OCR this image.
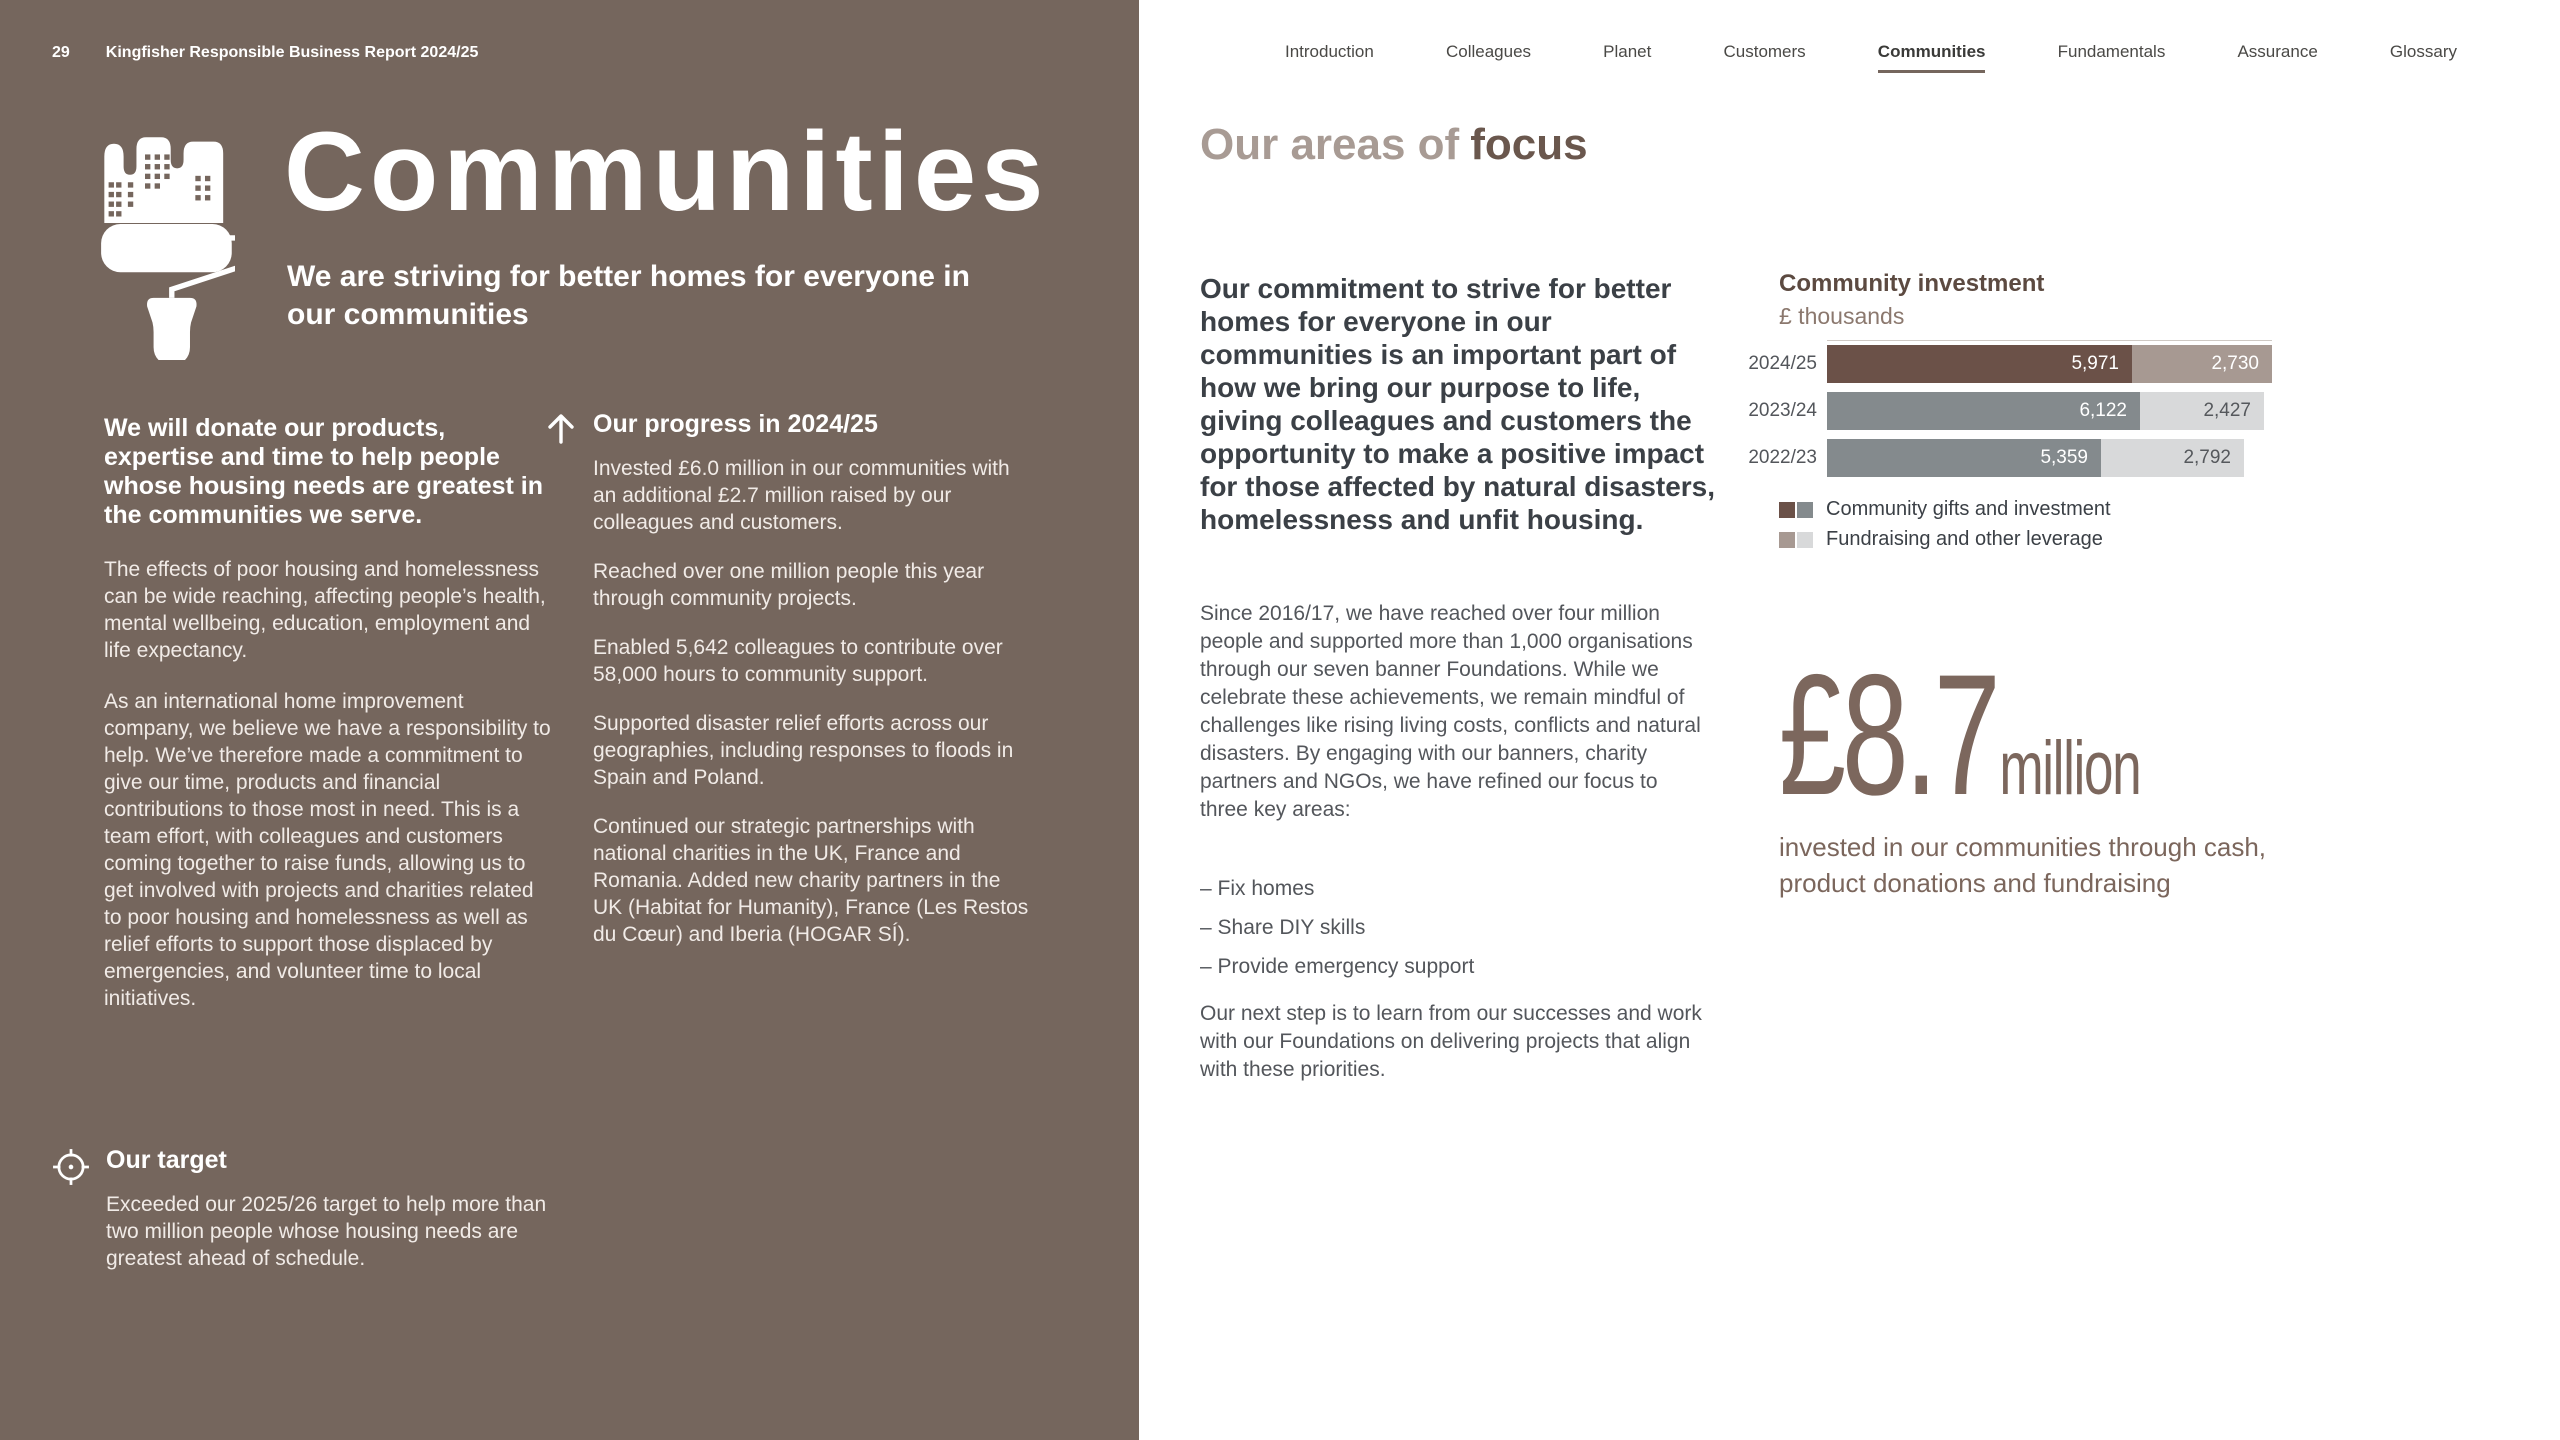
29 Kingfisher Responsible Business Report 2024/25
Communities
We are striving for better homes for everyone in our communities

We will donate our products, expertise and time to help people whose housing needs are greatest in the communities we serve.

The effects of poor housing and homelessness can be wide reaching, affecting people’s health, mental wellbeing, education, employment and life expectancy.

As an international home improvement company, we believe we have a responsibility to help. We’ve therefore made a commitment to give our time, products and financial contributions to those most in need. This is a team effort, with colleagues and customers coming together to raise funds, allowing us to get involved with projects and charities related to poor housing and homelessness as well as relief efforts to support those displaced by emergencies, and volunteer time to local initiatives.

Our target

Exceeded our 2025/26 target to help more than two million people whose housing needs are greatest ahead of schedule.

Our progress in 2024/25

Invested £6.0 million in our communities with an additional £2.7 million raised by our colleagues and customers.

Reached over one million people this year through community projects.

Enabled 5,642 colleagues to contribute over 58,000 hours to community support.

Supported disaster relief efforts across our geographies, including responses to floods in Spain and Poland.

Continued our strategic partnerships with national charities in the UK, France and Romania. Added new charity partners in the UK (Habitat for Humanity), France (Les Restos du Cœur) and Iberia (HOGAR SÍ).

Introduction	Colleagues	Planet	Customers	Communities	Fundamentals	Assurance	Glossary
Our areas of focus

Our commitment to strive for better homes for everyone in our communities is an important part of how we bring our purpose to life, giving colleagues and customers the opportunity to make a positive impact for those affected by natural disasters, homelessness and unfit housing.

Since 2016/17, we have reached over four million people and supported more than 1,000 organisations through our seven banner Foundations. While we celebrate these achievements, we remain mindful of challenges like rising living costs, conflicts and natural disasters. By engaging with our banners, charity partners and NGOs, we have refined our focus to three key areas:

– Fix homes
– Share DIY skills
– Provide emergency support

Our next step is to learn from our successes and work with our Foundations on delivering projects that align with these priorities.

Community investment
£ thousands
2024/25	5,971	2,730
2023/24	6,122	2,427
2022/23	5,359	2,792
Community gifts and investment
Fundraising and other leverage
£8.7 million
invested in our communities through cash, product donations and fundraising
